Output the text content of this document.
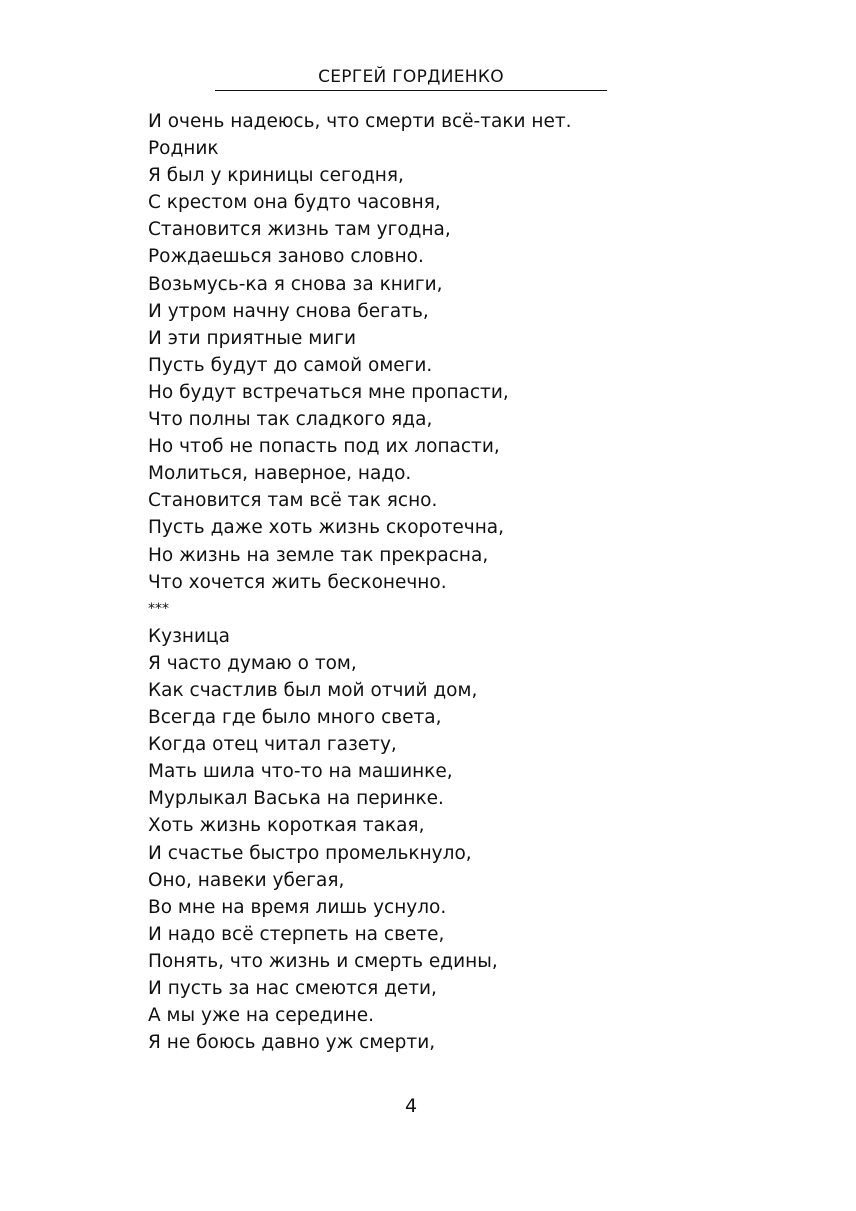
СЕРГЕЙ ГОРДИЕНКО
И очень надеюсь, что смерти всё-таки нет.
Родник
Я был у криницы сегодня,
С крестом она будто часовня,
Становится жизнь там угодна,
Рождаешься заново словно.
Возьмусь-ка я снова за книги,
И утром начну снова бегать,
И эти приятные миги
Пусть будут до самой омеги.
Но будут встречаться мне пропасти,
Что полны так сладкого яда,
Но чтоб не попасть под их лопасти,
Молиться, наверное, надо.
Становится там всё так ясно.
Пусть даже хоть жизнь скоротечна,
Но жизнь на земле так прекрасна,
Что хочется жить бесконечно.
***
Кузница
Я часто думаю о том,
Как счастлив был мой отчий дом,
Всегда где было много света,
Когда отец читал газету,
Мать шила что-то на машинке,
Мурлыкал Васька на перинке.
Хоть жизнь короткая такая,
И счастье быстро промелькнуло,
Оно, навеки убегая,
Во мне на время лишь уснуло.
И надо всё стерпеть на свете,
Понять, что жизнь и смерть едины,
И пусть за нас смеются дети,
А мы уже на середине.
Я не боюсь давно уж смерти,
4
